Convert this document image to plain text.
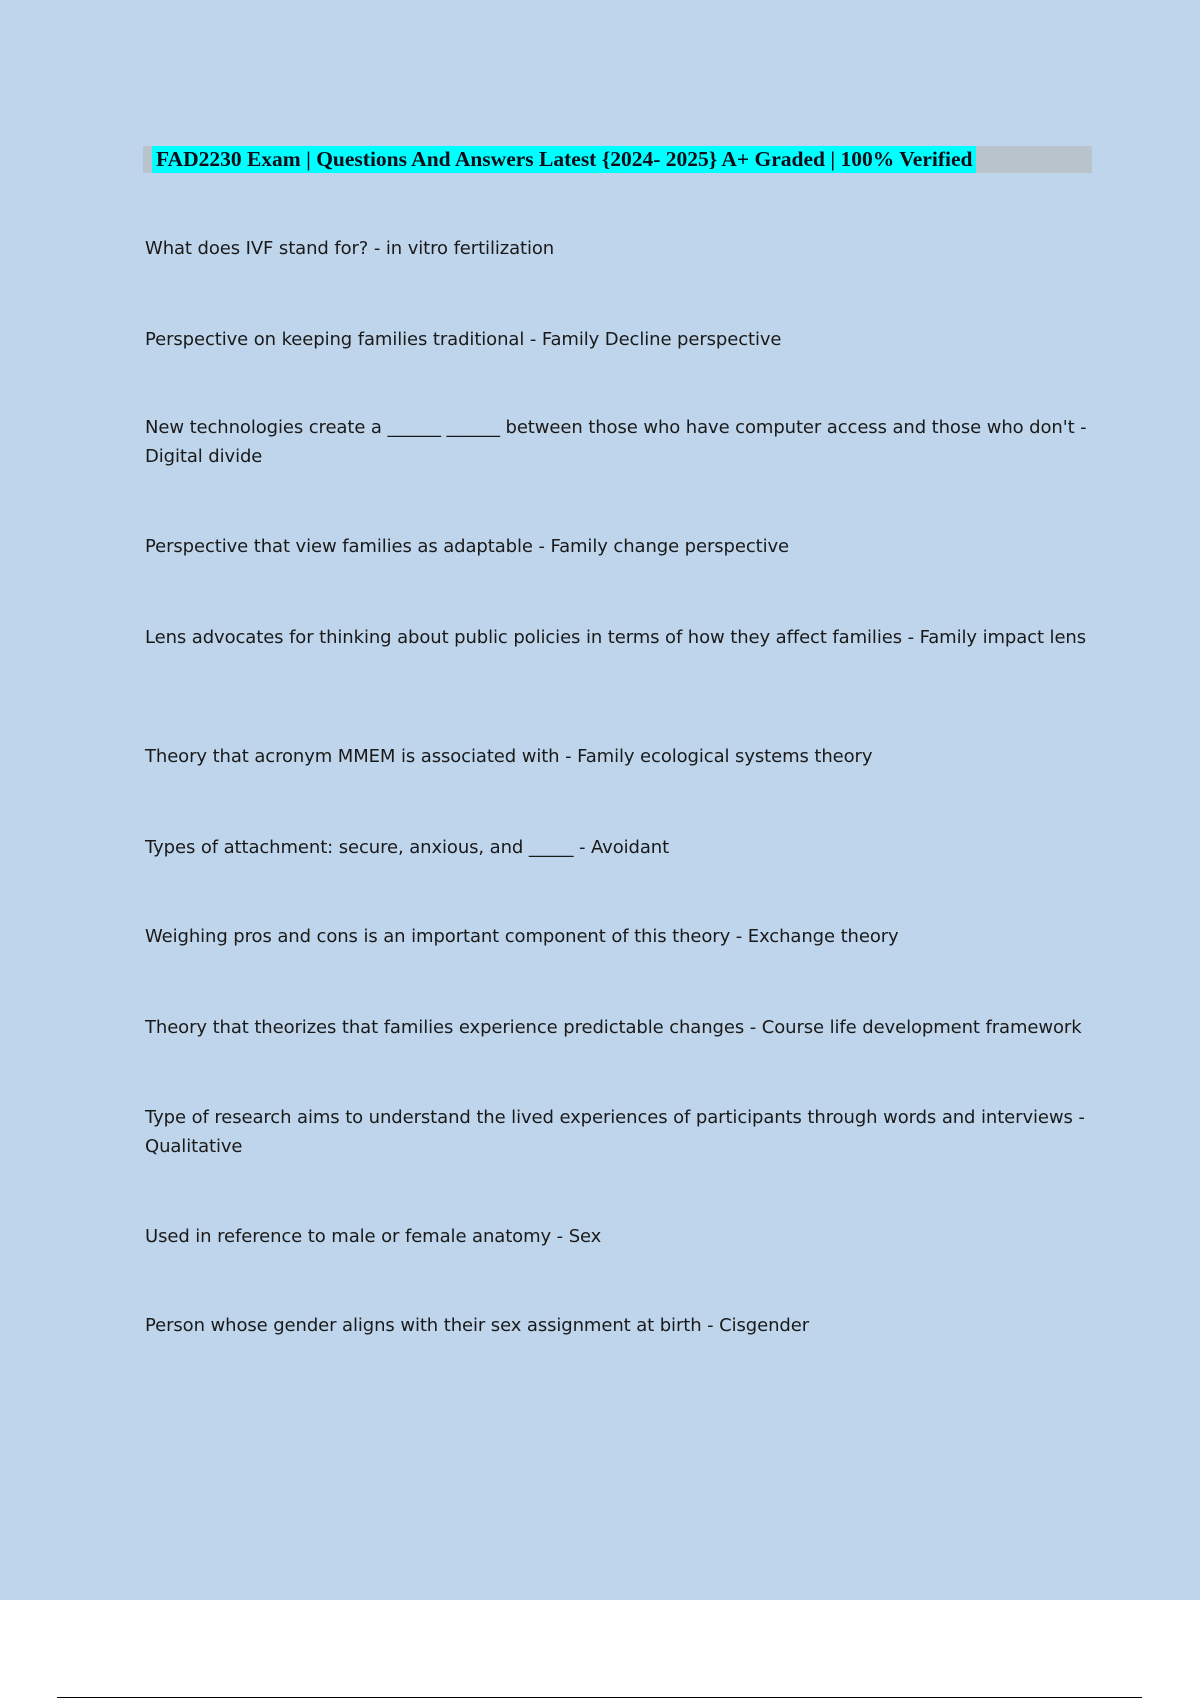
FAD2230 Exam | Questions And Answers Latest {2024- 2025} A+ Graded | 100% Verified

What does IVF stand for? - in vitro fertilization

Perspective on keeping families traditional - Family Decline perspective

New technologies create a ______ ______ between those who have computer access and those who don't - Digital divide

Perspective that view families as adaptable - Family change perspective

Lens advocates for thinking about public policies in terms of how they affect families - Family impact lens

Theory that acronym MMEM is associated with - Family ecological systems theory

Types of attachment: secure, anxious, and _____ - Avoidant

Weighing pros and cons is an important component of this theory - Exchange theory

Theory that theorizes that families experience predictable changes - Course life development framework

Type of research aims to understand the lived experiences of participants through words and interviews - Qualitative

Used in reference to male or female anatomy - Sex

Person whose gender aligns with their sex assignment at birth - Cisgender
